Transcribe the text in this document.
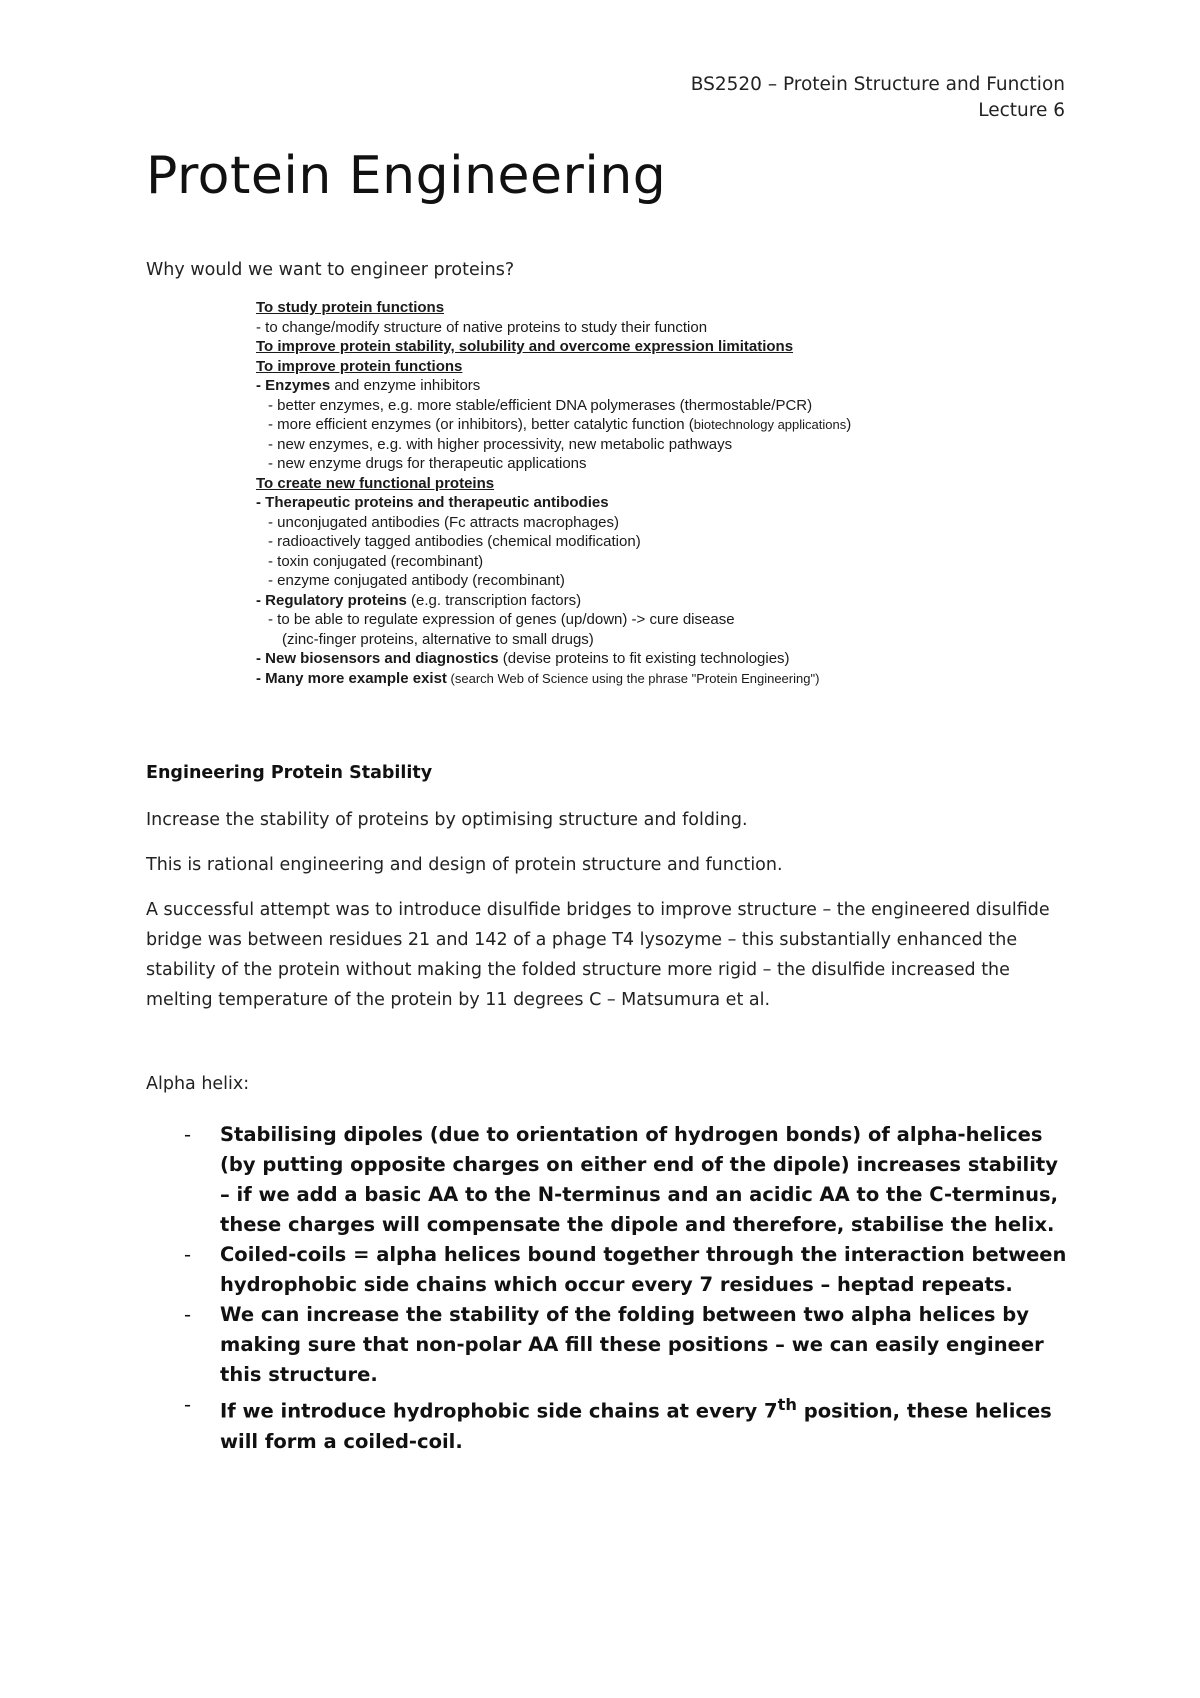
BS2520 – Protein Structure and Function
Lecture 6
Protein Engineering
Why would we want to engineer proteins?
To study protein functions
- to change/modify structure of native proteins to study their function
To improve protein stability, solubility and overcome expression limitations
To improve protein functions
- Enzymes and enzyme inhibitors
- better enzymes, e.g. more stable/efficient DNA polymerases (thermostable/PCR)
- more efficient enzymes (or inhibitors), better catalytic function (biotechnology applications)
- new enzymes, e.g. with higher processivity, new metabolic pathways
- new enzyme drugs for therapeutic applications
To create new functional proteins
- Therapeutic proteins and therapeutic antibodies
- unconjugated antibodies (Fc attracts macrophages)
- radioactively tagged antibodies (chemical modification)
- toxin conjugated (recombinant)
- enzyme conjugated antibody (recombinant)
- Regulatory proteins (e.g. transcription factors)
- to be able to regulate expression of genes (up/down) -> cure disease
(zinc-finger proteins, alternative to small drugs)
- New biosensors and diagnostics (devise proteins to fit existing technologies)
- Many more example exist (search Web of Science using the phrase "Protein Engineering")
Engineering Protein Stability

Increase the stability of proteins by optimising structure and folding.

This is rational engineering and design of protein structure and function.

A successful attempt was to introduce disulfide bridges to improve structure – the engineered disulfide bridge was between residues 21 and 142 of a phage T4 lysozyme – this substantially enhanced the stability of the protein without making the folded structure more rigid – the disulfide increased the melting temperature of the protein by 11 degrees C – Matsumura et al.

Alpha helix:
- Stabilising dipoles (due to orientation of hydrogen bonds) of alpha-helices (by putting opposite charges on either end of the dipole) increases stability – if we add a basic AA to the N-terminus and an acidic AA to the C-terminus, these charges will compensate the dipole and therefore, stabilise the helix.
- Coiled-coils = alpha helices bound together through the interaction between hydrophobic side chains which occur every 7 residues – heptad repeats.
- We can increase the stability of the folding between two alpha helices by making sure that non-polar AA fill these positions – we can easily engineer this structure.
- If we introduce hydrophobic side chains at every 7th position, these helices will form a coiled-coil.
